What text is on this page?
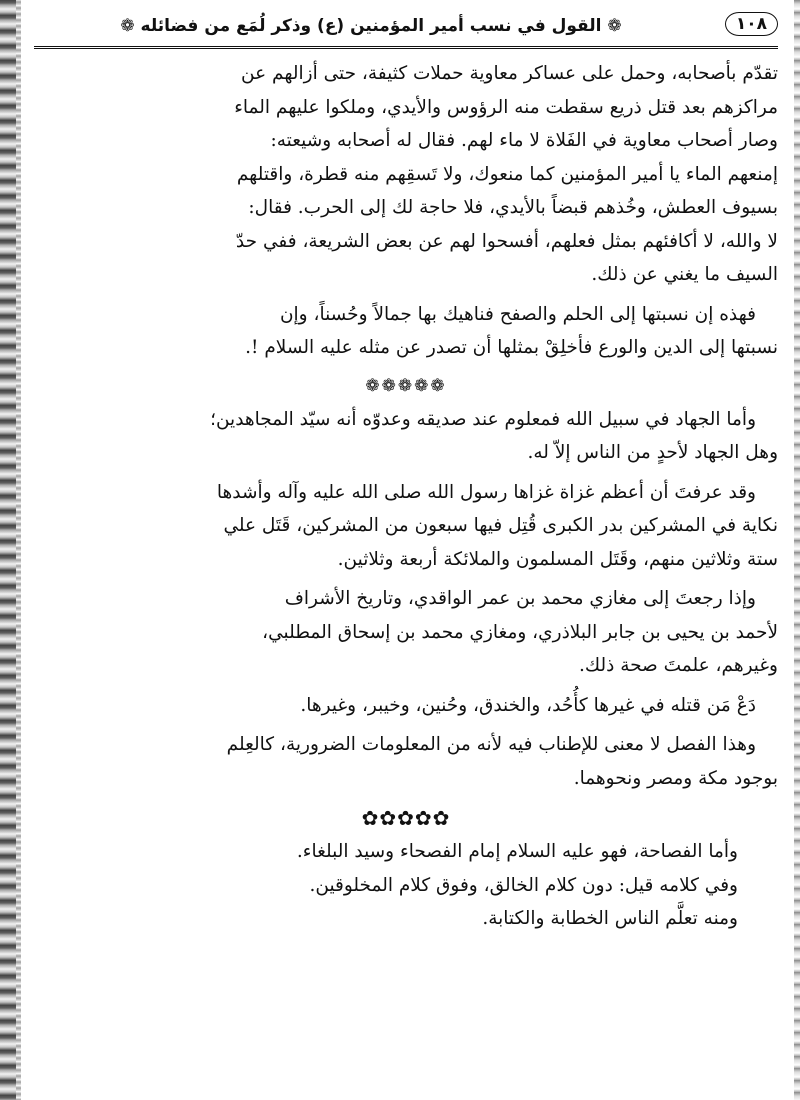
١٠٨
❁ القول في نسب أمير المؤمنين (ع) وذكر لُمَع من فضائله ❁

تقدّم بأصحابه، وحمل على عساكر معاوية حملات كثيفة، حتى أزالهم عن

مراكزهم بعد قتل ذريع سقطت منه الرؤوس والأيدي، وملكوا عليهم الماء

وصار أصحاب معاوية في الفَلاة لا ماء لهم. فقال له أصحابه وشيعته:

إمنعهم الماء يا أمير المؤمنين كما منعوك، ولا تَسقِهم منه قطرة، واقتلهم

بسيوف العطش، وخُذهم قبضاً بالأيدي، فلا حاجة لك إلى الحرب. فقال:

لا والله، لا أكافئهم بمثل فعلهم، أفسحوا لهم عن بعض الشريعة، ففي حدّ

السيف ما يغني عن ذلك.

فهذه إن نسبتها إلى الحلم والصفح فناهيك بها جمالاً وحُسناً، وإن

نسبتها إلى الدين والورع فأخلِقْ بمثلها أن تصدر عن مثله عليه السلام !.

❁❁❁❁❁

وأما الجهاد في سبيل الله فمعلوم عند صديقه وعدوّه أنه سيّد المجاهدين؛

وهل الجهاد لأحدٍ من الناس إلاّ له.

وقد عرفتَ أن أعظم غزاة غزاها رسول الله صلى الله عليه وآله وأشدها

نكاية في المشركين بدر الكبرى قُتِل فيها سبعون من المشركين، قَتَل علي

ستة وثلاثين منهم، وقَتَل المسلمون والملائكة أربعة وثلاثين.

وإذا رجعتَ إلى مغازي محمد بن عمر الواقدي، وتاريخ الأشراف

لأحمد بن يحيى بن جابر البلاذري، ومغازي محمد بن إسحاق المطلبي،

وغيرهم، علمتَ صحة ذلك.

دَعْ مَن قتله في غيرها كأُحُد، والخندق، وحُنين، وخيبر، وغيرها.

وهذا الفصل لا معنى للإطناب فيه لأنه من المعلومات الضرورية، كالعِلم

بوجود مكة ومصر ونحوهما.

✿✿✿✿✿

وأما الفصاحة، فهو عليه السلام إمام الفصحاء وسيد البلغاء.

وفي كلامه قيل: دون كلام الخالق، وفوق كلام المخلوقين.

ومنه تعلَّم الناس الخطابة والكتابة.
